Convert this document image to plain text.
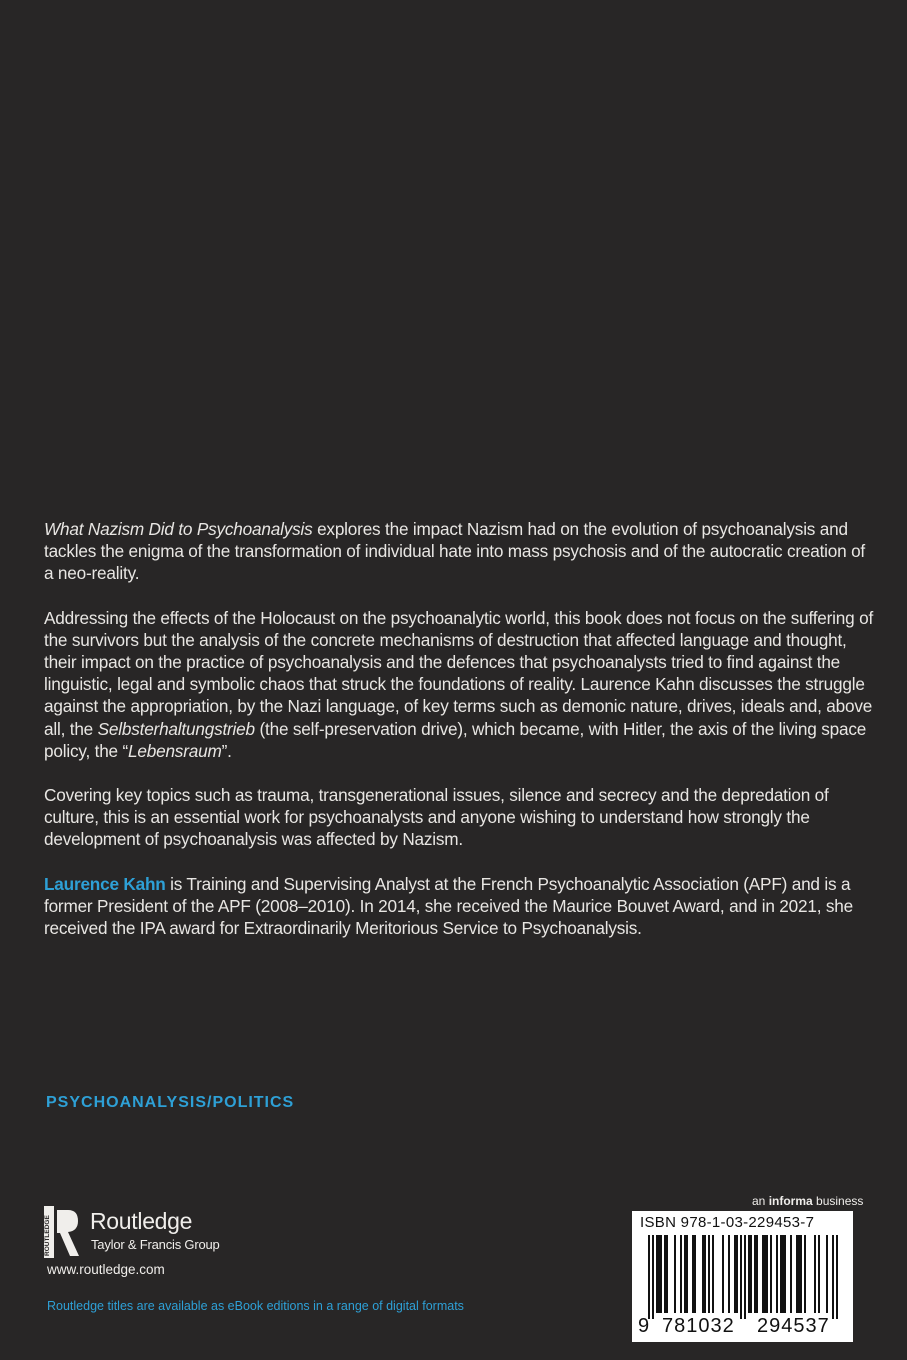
What Nazism Did to Psychoanalysis explores the impact Nazism had on the evolution of psychoanalysis and tackles the enigma of the transformation of individual hate into mass psychosis and of the autocratic creation of a neo-reality.

Addressing the effects of the Holocaust on the psychoanalytic world, this book does not focus on the suffering of the survivors but the analysis of the concrete mechanisms of destruction that affected language and thought, their impact on the practice of psychoanalysis and the defences that psychoanalysts tried to find against the linguistic, legal and symbolic chaos that struck the foundations of reality. Laurence Kahn discusses the struggle against the appropriation, by the Nazi language, of key terms such as demonic nature, drives, ideals and, above all, the Selbsterhaltungstrieb (the self-preservation drive), which became, with Hitler, the axis of the living space policy, the “Lebensraum”.

Covering key topics such as trauma, transgenerational issues, silence and secrecy and the depredation of culture, this is an essential work for psychoanalysts and anyone wishing to understand how strongly the development of psychoanalysis was affected by Nazism.

Laurence Kahn is Training and Supervising Analyst at the French Psychoanalytic Association (APF) and is a former President of the APF (2008–2010). In 2014, she received the Maurice Bouvet Award, and in 2021, she received the IPA award for Extraordinarily Meritorious Service to Psychoanalysis.

PSYCHOANALYSIS/POLITICS
ROUTLEDGE Routledge
Taylor & Francis Group
www.routledge.com
Routledge titles are available as eBook editions in a range of digital formats
an informa business
ISBN 978-1-03-229453-7
9 781032 294537
